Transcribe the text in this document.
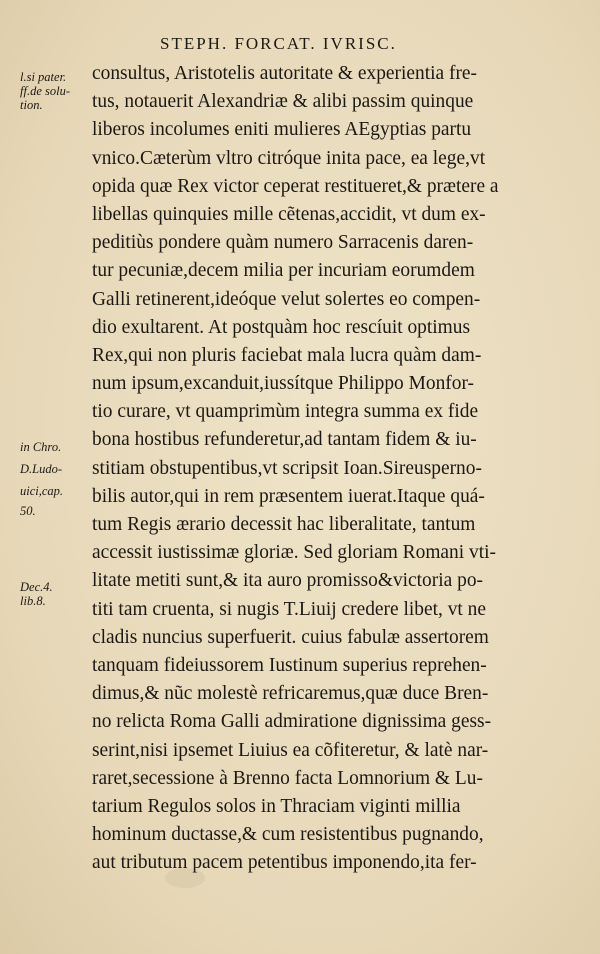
STEPH. FORCAT. IVRISC.
l.si pater.
ff.de solu-
tion.
in Chro.
D.Ludo-
uici,cap.
50.
Dec.4.
lib.8.
consultus, Aristotelis autoritate & experientia fre-
tus, notauerit Alexandriæ & alibi passim quinque
liberos incolumes eniti mulieres AEgyptias partu
vnico.Cæterùm vltro citróque inita pace, ea lege,vt
opida quæ Rex victor ceperat restitueret,& prætere a
libellas quinquies mille cẽtenas,accidit, vt dum ex-
peditiùs pondere quàm numero Sarracenis daren-
tur pecuniæ,decem milia per incuriam eorumdem
Galli retinerent,ideóque velut solertes eo compen-
dio exultarent. At postquàm hoc rescíuit optimus
Rex,qui non pluris faciebat mala lucra quàm dam-
num ipsum,excanduit,iussítque Philippo Monfor-
tio curare, vt quamprimùm integra summa ex fide
bona hostibus refunderetur,ad tantam fidem & iu-
stitiam obstupentibus,vt scripsit Ioan.Sireusperno-
bilis autor,qui in rem præsentem iuerat.Itaque quá-
tum Regis ærario decessit hac liberalitate, tantum
accessit iustissimæ gloriæ. Sed gloriam Romani vti-
litate metiti sunt,& ita auro promisso&victoria po-
titi tam cruenta, si nugis T.Liuij credere libet, vt ne
cladis nuncius superfuerit. cuius fabulæ assertorem
tanquam fideiussorem Iustinum superius reprehen-
dimus,& nũc molestè refricaremus,quæ duce Bren-
no relicta Roma Galli admiratione dignissima gess-
serint,nisi ipsemet Liuius ea cõfiteretur, & latè nar-
raret,secessione à Brenno facta Lomnorium & Lu-
tarium Regulos solos in Thraciam viginti millia
hominum ductasse,& cum resistentibus pugnando,
aut tributum pacem petentibus imponendo,ita fer-
